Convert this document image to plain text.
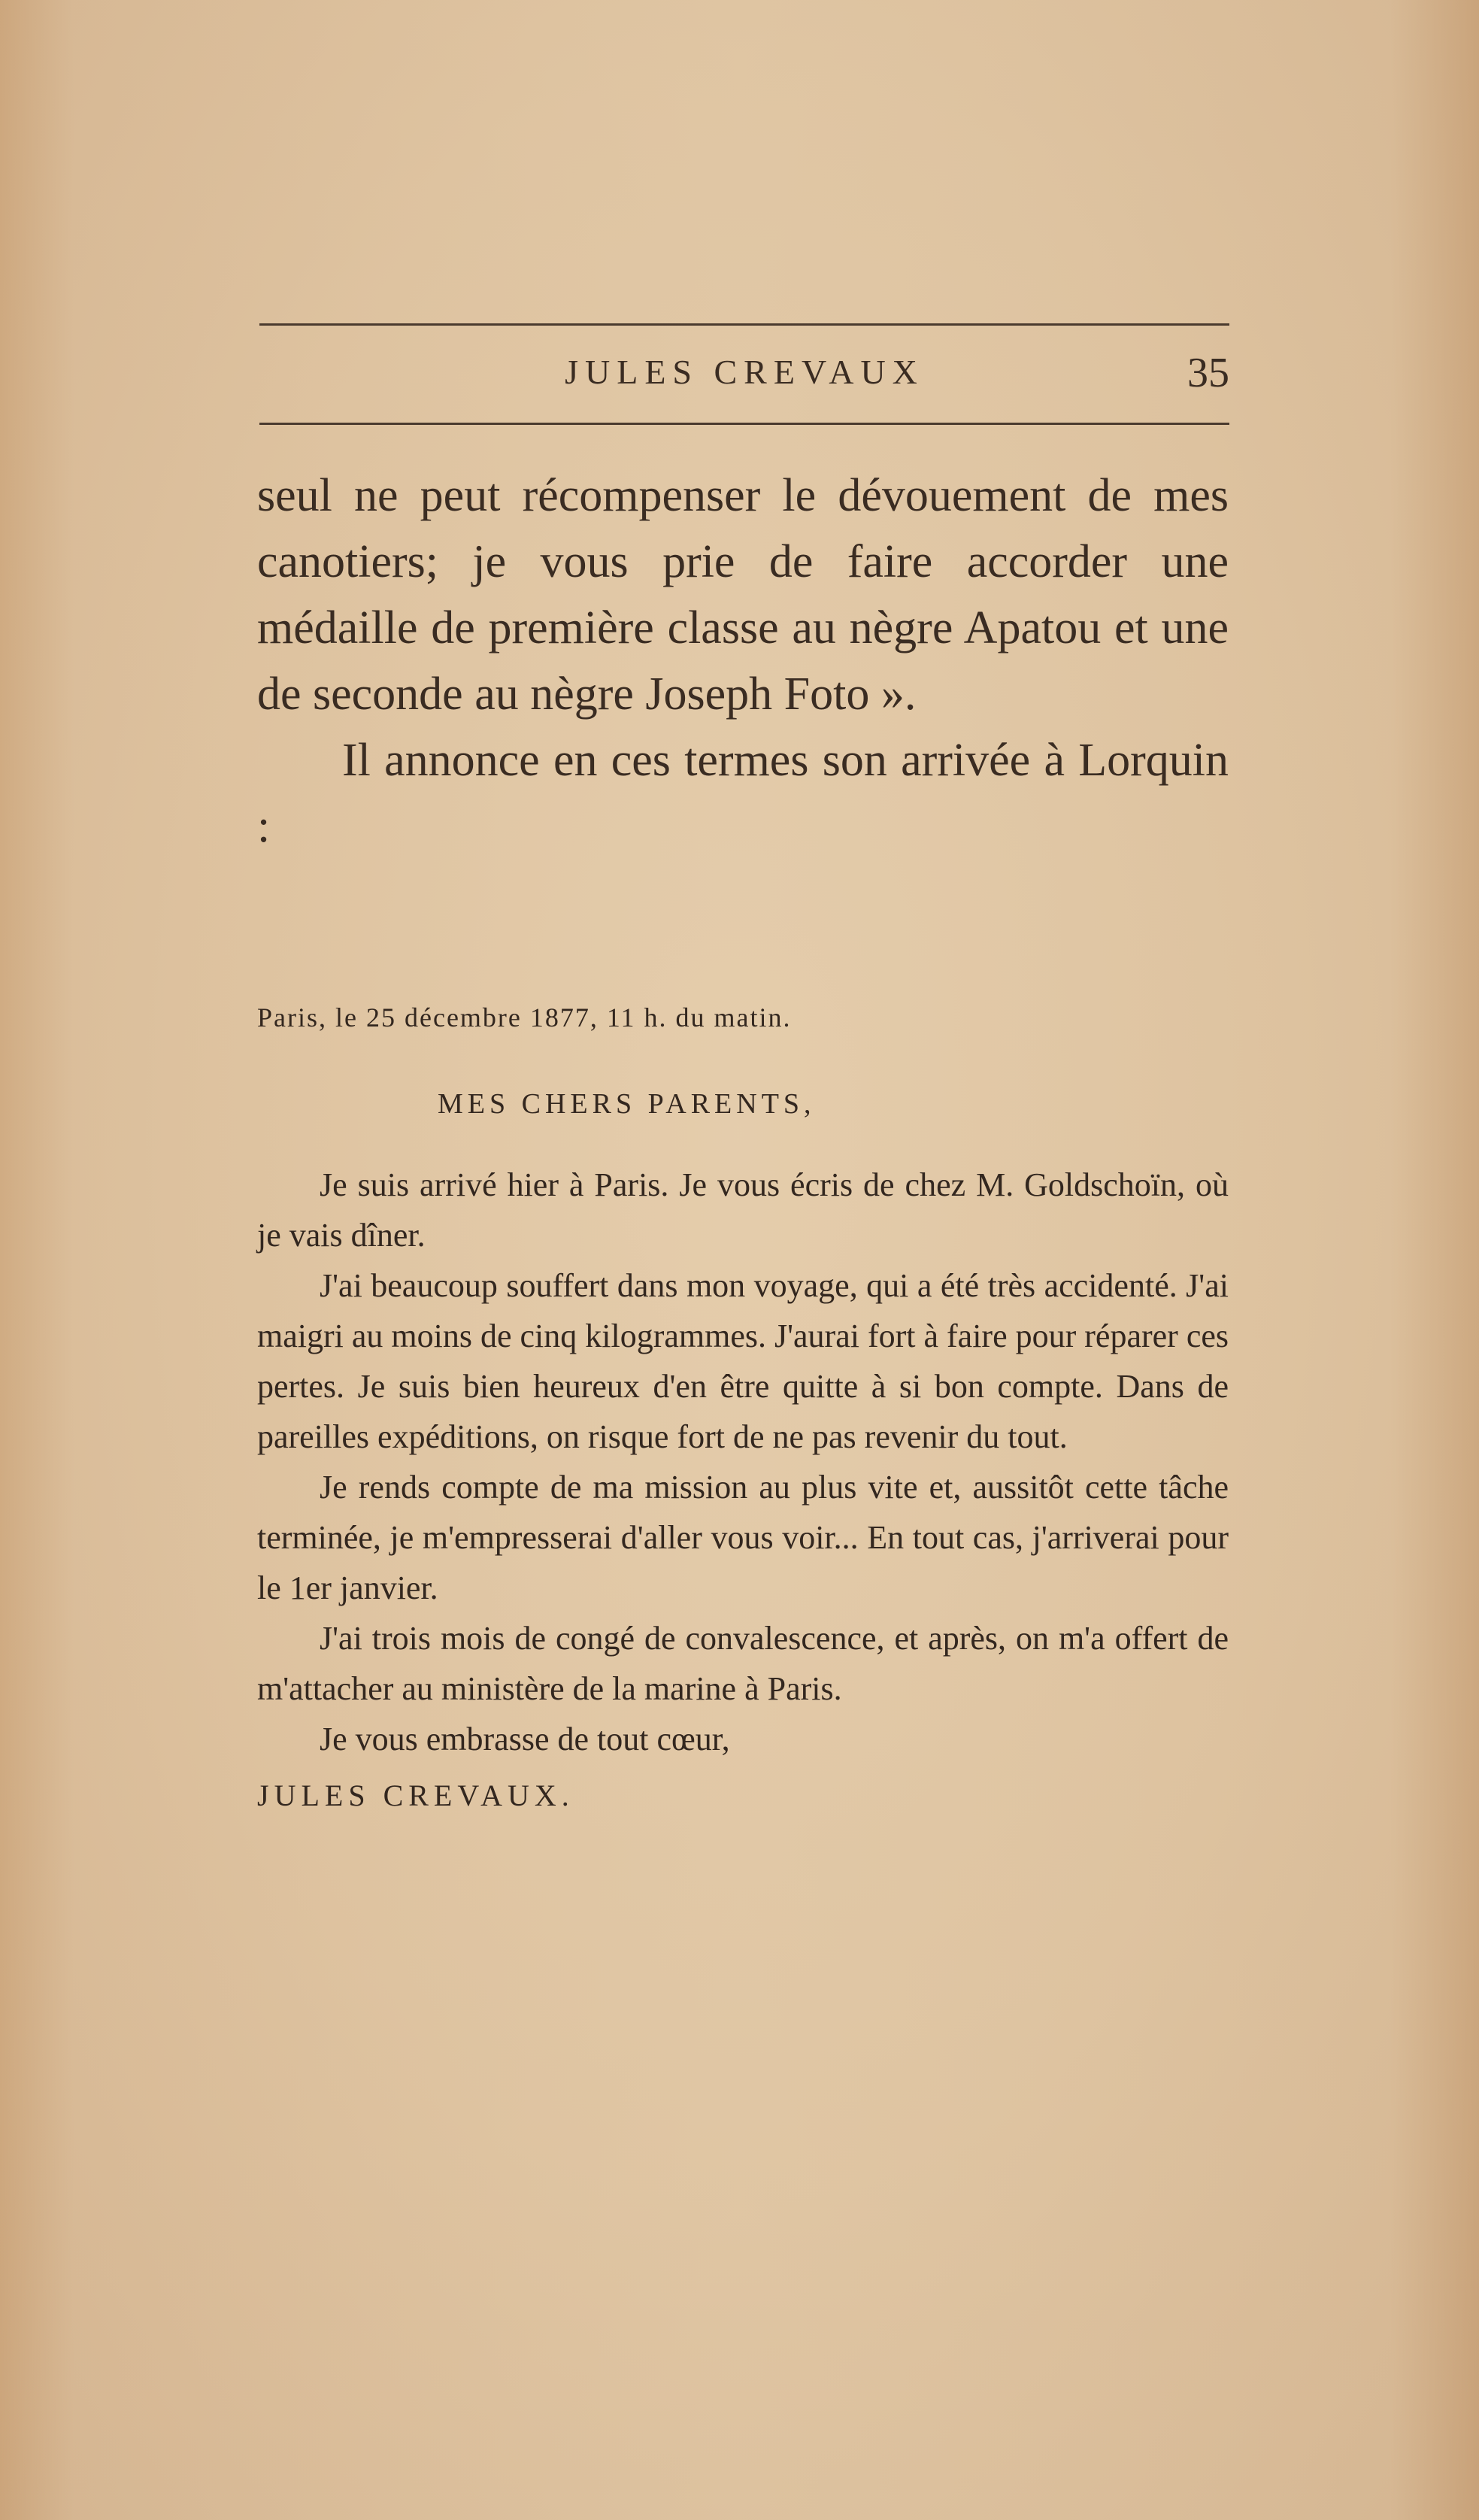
JULES CREVAUX	35

seul ne peut récompenser le dévouement de mes canotiers; je vous prie de faire accorder une médaille de première classe au nègre Apatou et une de seconde au nègre Joseph Foto ».

Il annonce en ces termes son arrivée à Lorquin :

Paris, le 25 décembre 1877, 11 h. du matin.

MES CHERS PARENTS,

Je suis arrivé hier à Paris. Je vous écris de chez M. Goldschoïn, où je vais dîner.

J'ai beaucoup souffert dans mon voyage, qui a été très accidenté. J'ai maigri au moins de cinq kilogrammes. J'aurai fort à faire pour réparer ces pertes. Je suis bien heureux d'en être quitte à si bon compte. Dans de pareilles expéditions, on risque fort de ne pas revenir du tout.

Je rends compte de ma mission au plus vite et, aussitôt cette tâche terminée, je m'empresserai d'aller vous voir... En tout cas, j'arriverai pour le 1er janvier.

J'ai trois mois de congé de convalescence, et après, on m'a offert de m'attacher au ministère de la marine à Paris.

Je vous embrasse de tout cœur,

JULES CREVAUX.
